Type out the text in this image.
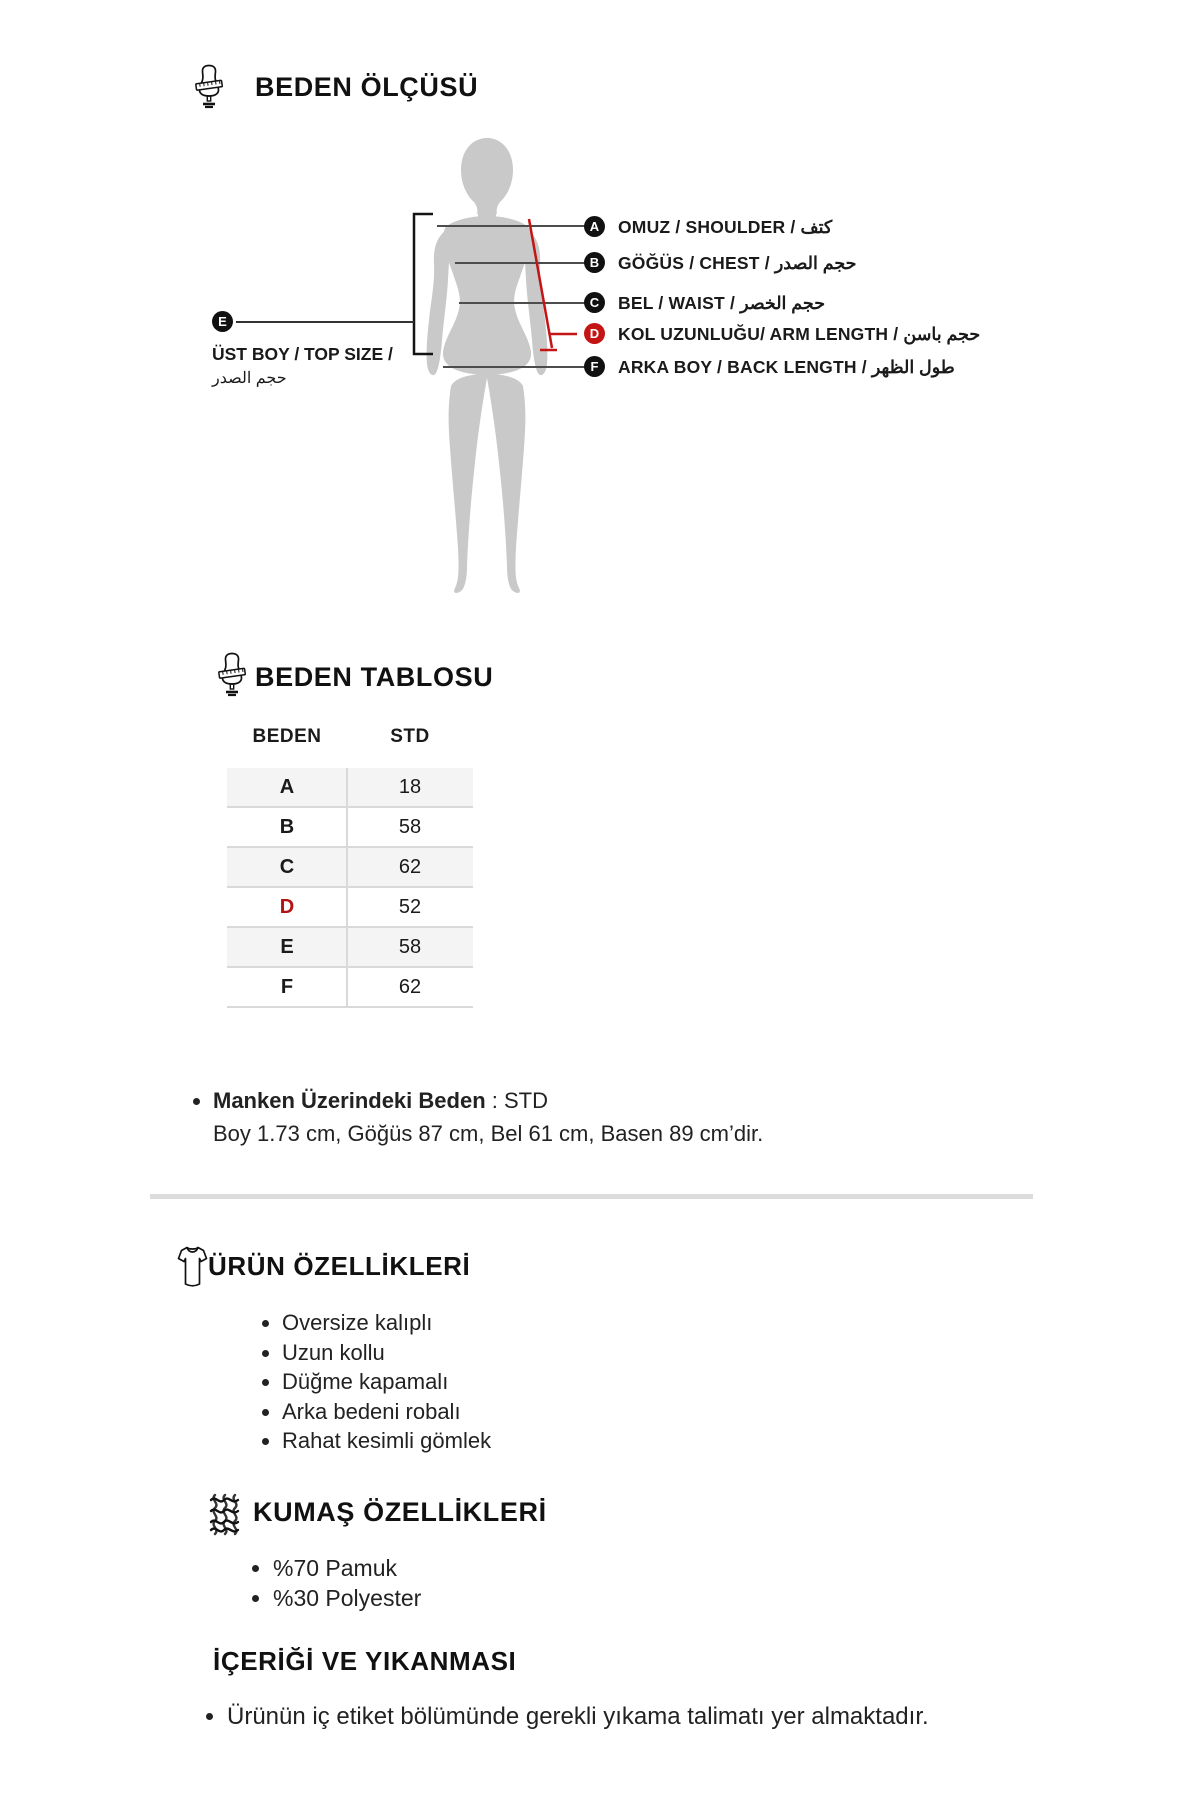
BEDEN ÖLÇÜSÜ
A
B
C
D
F
E
OMUZ / SHOULDER / كتف
GÖĞÜS / CHEST / حجم الصدر
BEL / WAIST / حجم الخصر
KOL UZUNLUĞU/ ARM LENGTH / حجم باسن
ARKA BOY / BACK LENGTH / طول الظهر
ÜST BOY / TOP SIZE /
حجم الصدر
BEDEN TABLOSU
BEDEN	STD
A	18
B	58
C	62
D	52
E	58
F	62
• Manken Üzerindeki Beden : STD
Boy 1.73 cm, Göğüs 87 cm, Bel 61 cm, Basen 89 cm’dir.
ÜRÜN ÖZELLİKLERİ
• Oversize kalıplı
• Uzun kollu
• Düğme kapamalı
• Arka bedeni robalı
• Rahat kesimli gömlek
KUMAŞ ÖZELLİKLERİ
• %70 Pamuk
• %30 Polyester
İÇERİĞİ VE YIKANMASI
• Ürünün iç etiket bölümünde gerekli yıkama talimatı yer almaktadır.
